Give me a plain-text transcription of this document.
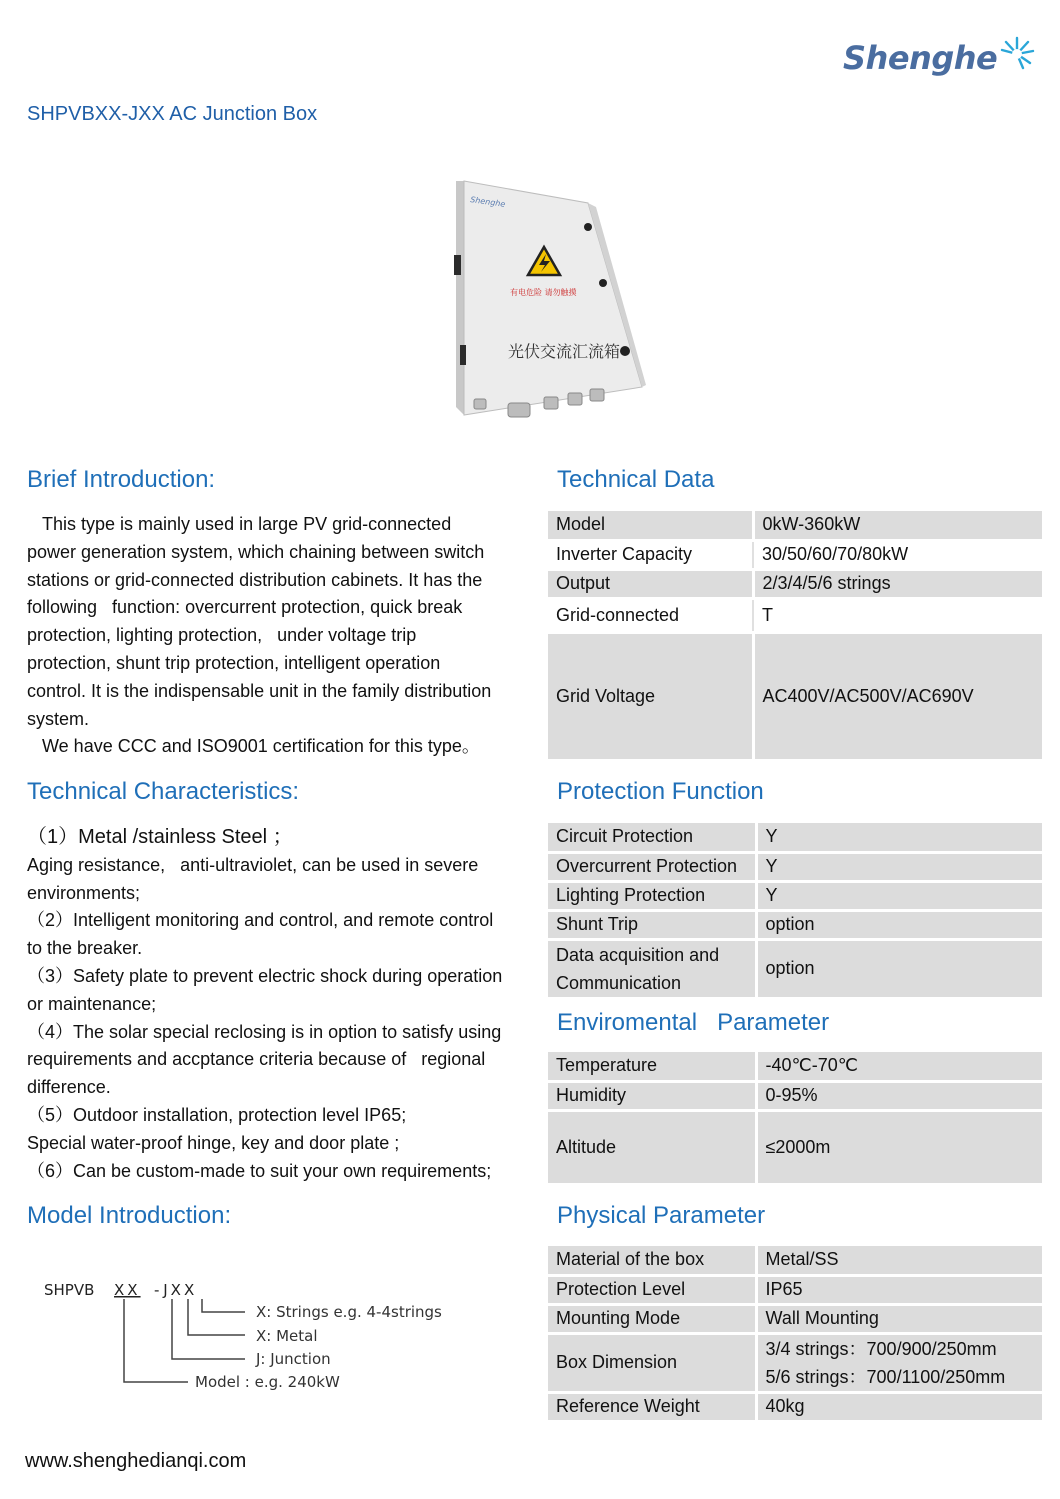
Shenghe
SHPVBXX-JXX AC Junction Box
Shenghe
有电危险 请勿触摸
光伏交流汇流箱
Brief Introduction:
This type is mainly used in large PV grid-connected
power generation system, which chaining between switch
stations or grid-connected distribution cabinets. It has the
following   function: overcurrent protection, quick break
protection, lighting protection,   under voltage trip
protection, shunt trip protection, intelligent operation
control. It is the indispensable unit in the family distribution
system.
We have CCC and ISO9001 certification for this type。
Technical Characteristics:
（1）Metal /stainless Steel ；
Aging resistance,   anti-ultraviolet, can be used in severe
environments;
（2）Intelligent monitoring and control, and remote control
to the breaker.
（3）Safety plate to prevent electric shock during operation
or maintenance;
（4）The solar special reclosing is in option to satisfy using
requirements and accptance criteria because of   regional
difference.
（5）Outdoor installation, protection level IP65;
Special water-proof hinge, key and door plate ;
（6）Can be custom-made to suit your own requirements;
Model Introduction:
SHPVB XX -JXX
X: Strings e.g. 4-4strings
X: Metal
J: Junction
Model : e.g. 240kW
Technical Data
Model	0kW-360kW
Inverter Capacity	30/50/60/70/80kW
Output	2/3/4/5/6 strings
Grid-connected	T
Grid Voltage	AC400V/AC500V/AC690V
Protection Function
Circuit Protection	Y
Overcurrent Protection	Y
Lighting Protection	Y
Shunt Trip	option
Data acquisition and
Communication	option
Enviromental   Parameter
Temperature	-40℃-70℃
Humidity	0-95%
Altitude	≤2000m
Physical Parameter
Material of the box	Metal/SS
Protection Level	IP65
Mounting Mode	Wall Mounting
Box Dimension	3/4 strings：700/900/250mm
5/6 strings：700/1100/250mm
Reference Weight	40kg
www.shenghedianqi.com
